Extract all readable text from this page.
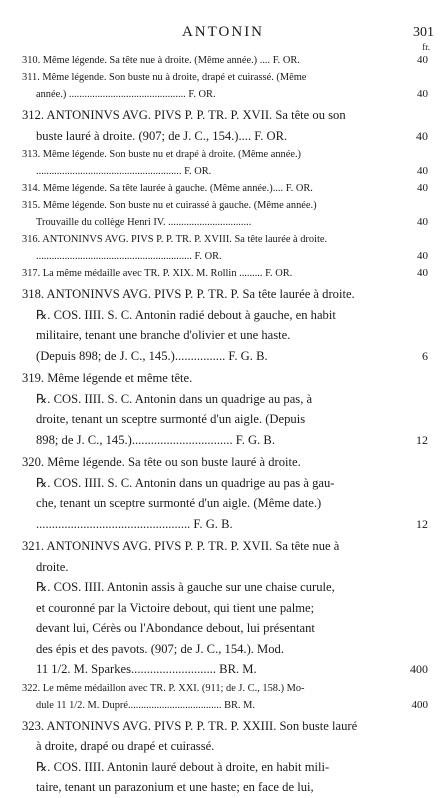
ANTONIN	301
fr.
310. Même légende. Sa tête nue à droite. (Même année.) .... F. OR.	40
311. Même légende. Son buste nu à droite, drapé et cuirassé. (Même
année.) ............................................. F. OR.	40
312. ANTONINVS AVG. PIVS P. P. TR. P. XVII. Sa tête ou son
buste lauré à droite. (907; de J. C., 154.).... F. OR.	40
313. Même légende. Son buste nu et drapé à droite. (Même année.)
........................................................ F. OR.	40
314. Même légende. Sa tête laurée à gauche. (Même année.).... F. OR.	40
315. Même légende. Son buste nu et cuirassé à gauche. (Même année.)
Trouvaille du collège Henri IV. ................................	40
316. ANTONINVS AVG. PIVS P. P. TR. P. XVIII. Sa tête laurée à droite.
............................................................ F. OR.	40
317. La même médaille avec TR. P. XIX. M. Rollin ......... F. OR.	40
318. ANTONINVS AVG. PIVS P. P. TR. P. Sa tête laurée à droite.
℞. COS. IIII. S. C. Antonin radié debout à gauche, en habit
militaire, tenant une branche d'olivier et une haste.
(Depuis 898; de J. C., 145.)................ F. G. B.	6
319. Même légende et même tête.
℞. COS. IIII. S. C. Antonin dans un quadrige au pas, à
droite, tenant un sceptre surmonté d'un aigle. (Depuis
898; de J. C., 145.)................................ F. G. B.	12
320. Même légende. Sa tête ou son buste lauré à droite.
℞. COS. IIII. S. C. Antonin dans un quadrige au pas à gau-
che, tenant un sceptre surmonté d'un aigle. (Même date.)
................................................. F. G. B.	12
321. ANTONINVS AVG. PIVS P. P. TR. P. XVII. Sa tête nue à
droite.
℞. COS. IIII. Antonin assis à gauche sur une chaise curule,
et couronné par la Victoire debout, qui tient une palme;
devant lui, Cérès ou l'Abondance debout, lui présentant
des épis et des pavots. (907; de J. C., 154.). Mod.
11 1/2. M. Sparkes........................... BR. M.	400
322. Le même médaillon avec TR. P. XXI. (911; de J. C., 158.) Mo-
dule 11 1/2. M. Dupré.................................... BR. M.	400
323. ANTONINVS AVG. PIVS P. P. TR. P. XXIII. Son buste lauré
à droite, drapé ou drapé et cuirassé.
℞. COS. IIII. Antonin lauré debout à droite, en habit mili-
taire, tenant un parazonium et une haste; en face de lui,
